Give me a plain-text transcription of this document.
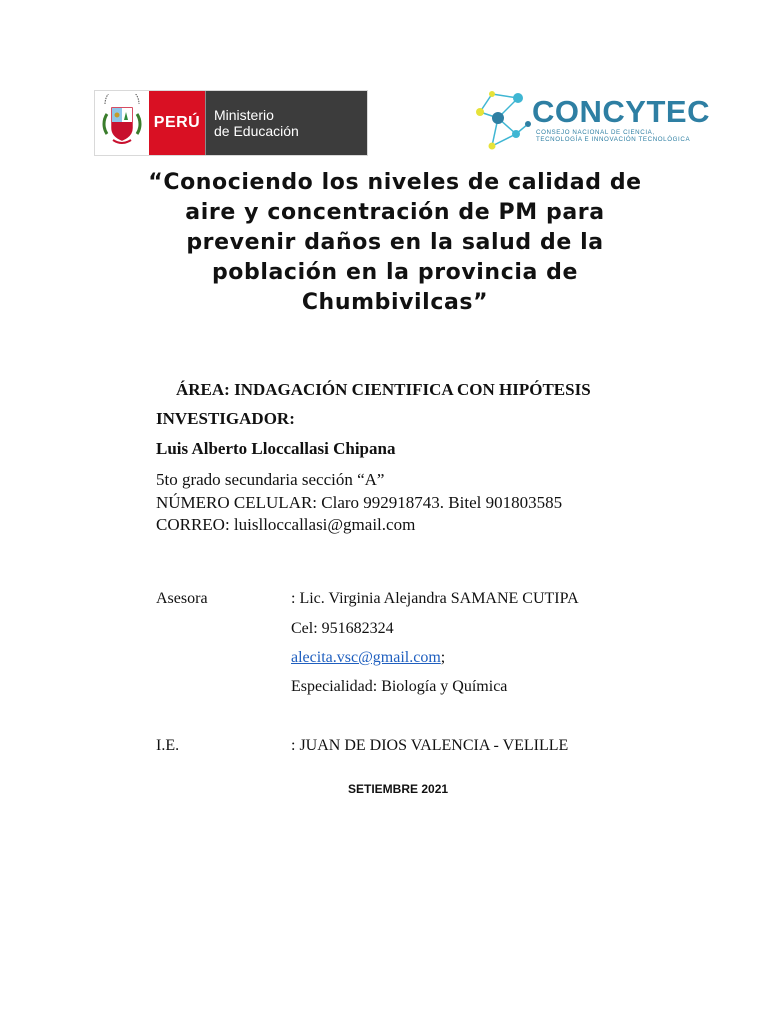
PERÚ Ministerio
de Educación
CONCYTEC
CONSEJO NACIONAL DE CIENCIA,
TECNOLOGÍA E INNOVACIÓN TECNOLÓGICA
“Conociendo los niveles de calidad de
aire y concentración de PM para
prevenir daños en la salud de la
población en la provincia de
Chumbivilcas”
ÁREA: INDAGACIÓN CIENTIFICA CON HIPÓTESIS
INVESTIGADOR:
Luis Alberto Lloccallasi Chipana
5to grado secundaria sección “A”
NÚMERO CELULAR: Claro 992918743. Bitel 901803585
CORREO: luislloccallasi@gmail.com
Asesora	: Lic. Virginia Alejandra SAMANE CUTIPA
Cel: 951682324
alecita.vsc@gmail.com;
Especialidad: Biología y Química
I.E.	: JUAN DE DIOS VALENCIA - VELILLE
SETIEMBRE 2021
